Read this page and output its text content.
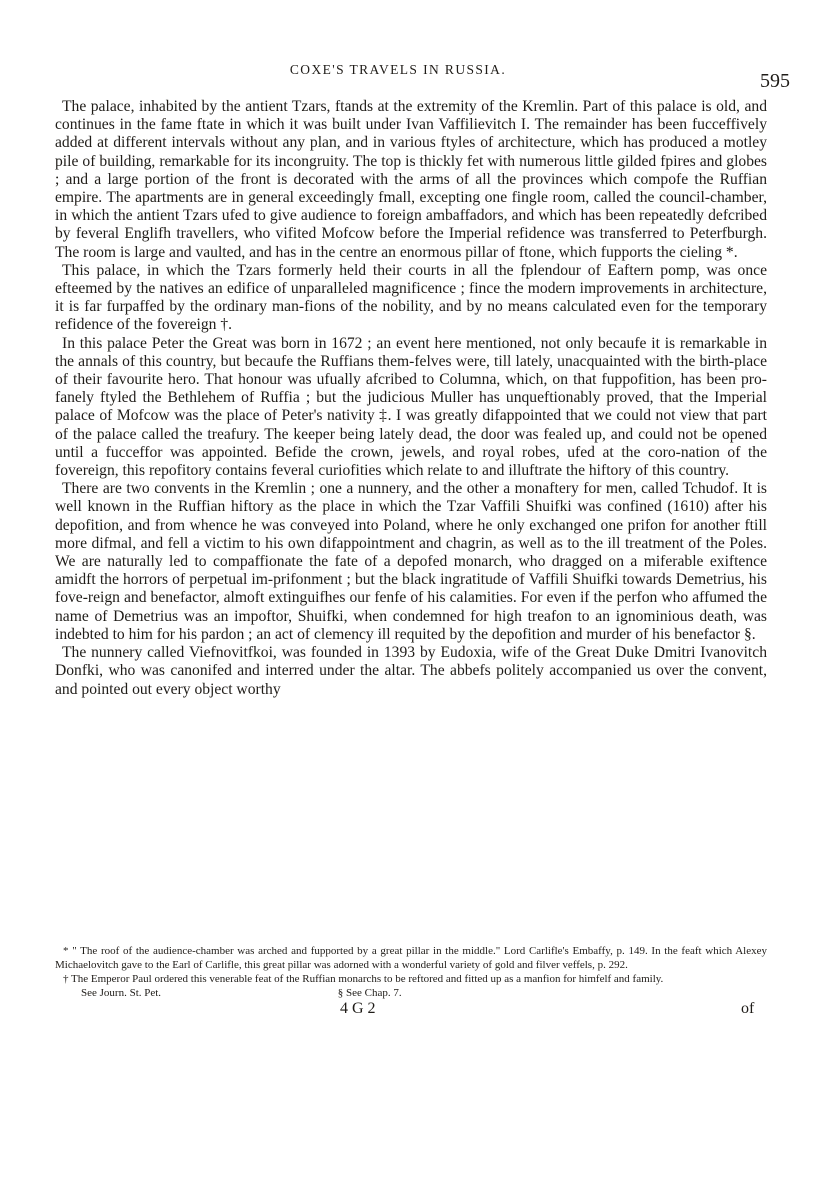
COXE'S TRAVELS IN RUSSIA.
595

The palace, inhabited by the antient Tzars, ftands at the extremity of the Kremlin. Part of this palace is old, and continues in the fame ftate in which it was built under Ivan Vaffilievitch I. The remainder has been fucceffively added at different intervals without any plan, and in various ftyles of architecture, which has produced a motley pile of building, remarkable for its incongruity. The top is thickly fet with numerous little gilded fpires and globes ; and a large portion of the front is decorated with the arms of all the provinces which compofe the Ruffian empire. The apartments are in general exceedingly fmall, excepting one fingle room, called the council-chamber, in which the antient Tzars ufed to give audience to foreign ambaffadors, and which has been repeatedly defcribed by feveral Englifh travellers, who vifited Mofcow before the Imperial refidence was transferred to Peterfburgh. The room is large and vaulted, and has in the centre an enormous pillar of ftone, which fupports the cieling *.

This palace, in which the Tzars formerly held their courts in all the fplendour of Eaftern pomp, was once efteemed by the natives an edifice of unparalleled magnificence ; fince the modern improvements in architecture, it is far furpaffed by the ordinary man-fions of the nobility, and by no means calculated even for the temporary refidence of the fovereign †.

In this palace Peter the Great was born in 1672 ; an event here mentioned, not only becaufe it is remarkable in the annals of this country, but becaufe the Ruffians them-felves were, till lately, unacquainted with the birth-place of their favourite hero. That honour was ufually afcribed to Columna, which, on that fuppofition, has been pro-fanely ftyled the Bethlehem of Ruffia ; but the judicious Muller has unqueftionably proved, that the Imperial palace of Mofcow was the place of Peter's nativity ‡. I was greatly difappointed that we could not view that part of the palace called the treafury. The keeper being lately dead, the door was fealed up, and could not be opened until a fucceffor was appointed. Befide the crown, jewels, and royal robes, ufed at the coro-nation of the fovereign, this repofitory contains feveral curiofities which relate to and illuftrate the hiftory of this country.

There are two convents in the Kremlin ; one a nunnery, and the other a monaftery for men, called Tchudof. It is well known in the Ruffian hiftory as the place in which the Tzar Vaffili Shuifki was confined (1610) after his depofition, and from whence he was conveyed into Poland, where he only exchanged one prifon for another ftill more difmal, and fell a victim to his own difappointment and chagrin, as well as to the ill treatment of the Poles. We are naturally led to compaffionate the fate of a depofed monarch, who dragged on a miferable exiftence amidft the horrors of perpetual im-prifonment ; but the black ingratitude of Vaffili Shuifki towards Demetrius, his fove-reign and benefactor, almoft extinguifhes our fenfe of his calamities. For even if the perfon who affumed the name of Demetrius was an impoftor, Shuifki, when condemned for high treafon to an ignominious death, was indebted to him for his pardon ; an act of clemency ill requited by the depofition and murder of his benefactor §.

The nunnery called Viefnovitfkoi, was founded in 1393 by Eudoxia, wife of the Great Duke Dmitri Ivanovitch Donfki, who was canonifed and interred under the altar. The abbefs politely accompanied us over the convent, and pointed out every object worthy

* " The roof of the audience-chamber was arched and fupported by a great pillar in the middle." Lord Carlifle's Embaffy, p. 149. In the feaft which Alexey Michaelovitch gave to the Earl of Carlifle, this great pillar was adorned with a wonderful variety of gold and filver veffels, p. 292.

† The Emperor Paul ordered this venerable feat of the Ruffian monarchs to be reftored and fitted up as a manfion for himfelf and family.

See Journ. St. Pet.	§ See Chap. 7.

4 G 2	of
